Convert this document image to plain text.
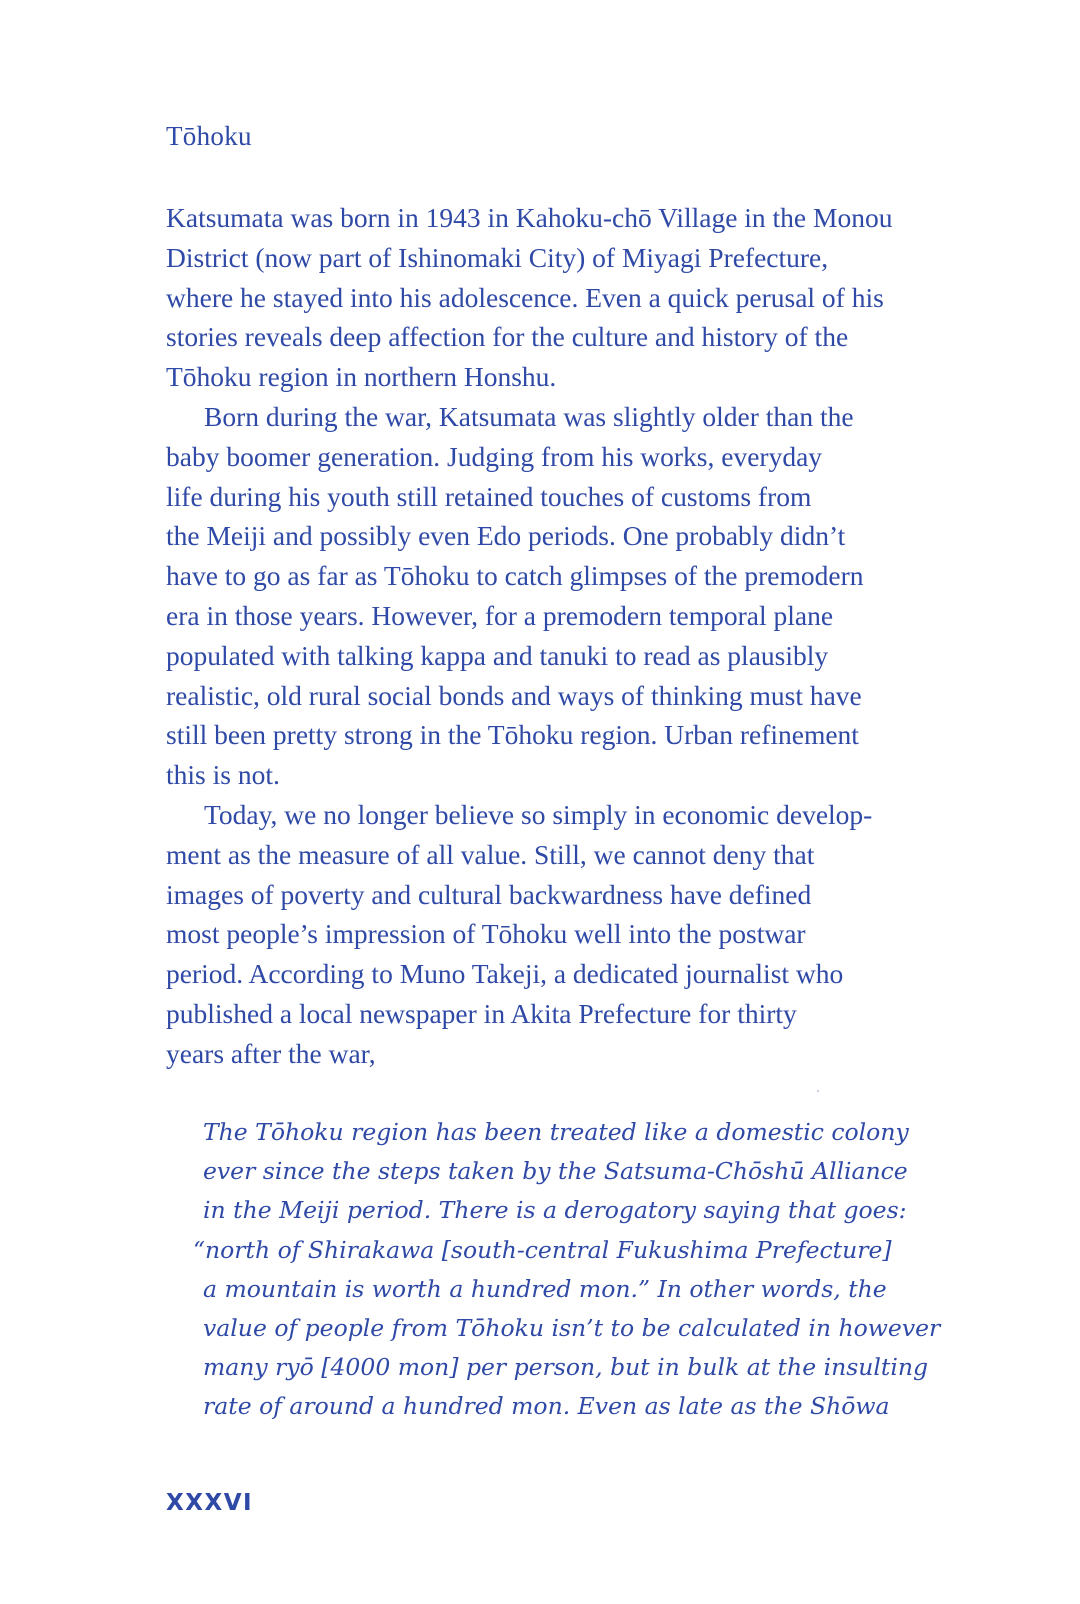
Tōhoku
Katsumata was born in 1943 in Kahoku-chō Village in the Monou
District (now part of Ishinomaki City) of Miyagi Prefecture,
where he stayed into his adolescence. Even a quick perusal of his
stories reveals deep affection for the culture and history of the
Tōhoku region in northern Honshu.
Born during the war, Katsumata was slightly older than the
baby boomer generation. Judging from his works, everyday
life during his youth still retained touches of customs from
the Meiji and possibly even Edo periods. One probably didn’t
have to go as far as Tōhoku to catch glimpses of the premodern
era in those years. However, for a premodern temporal plane
populated with talking kappa and tanuki to read as plausibly
realistic, old rural social bonds and ways of thinking must have
still been pretty strong in the Tōhoku region. Urban refinement
this is not.
Today, we no longer believe so simply in economic develop-
ment as the measure of all value. Still, we cannot deny that
images of poverty and cultural backwardness have defined
most people’s impression of Tōhoku well into the postwar
period. According to Muno Takeji, a dedicated journalist who
published a local newspaper in Akita Prefecture for thirty
years after the war,
The Tōhoku region has been treated like a domestic colony
ever since the steps taken by the Satsuma-Chōshū Alliance
in the Meiji period. There is a derogatory saying that goes:
“north of Shirakawa [south-central Fukushima Prefecture]
a mountain is worth a hundred mon.” In other words, the
value of people from Tōhoku isn’t to be calculated in however
many ryō [4000 mon] per person, but in bulk at the insulting
rate of around a hundred mon. Even as late as the Shōwa
XXXVI
